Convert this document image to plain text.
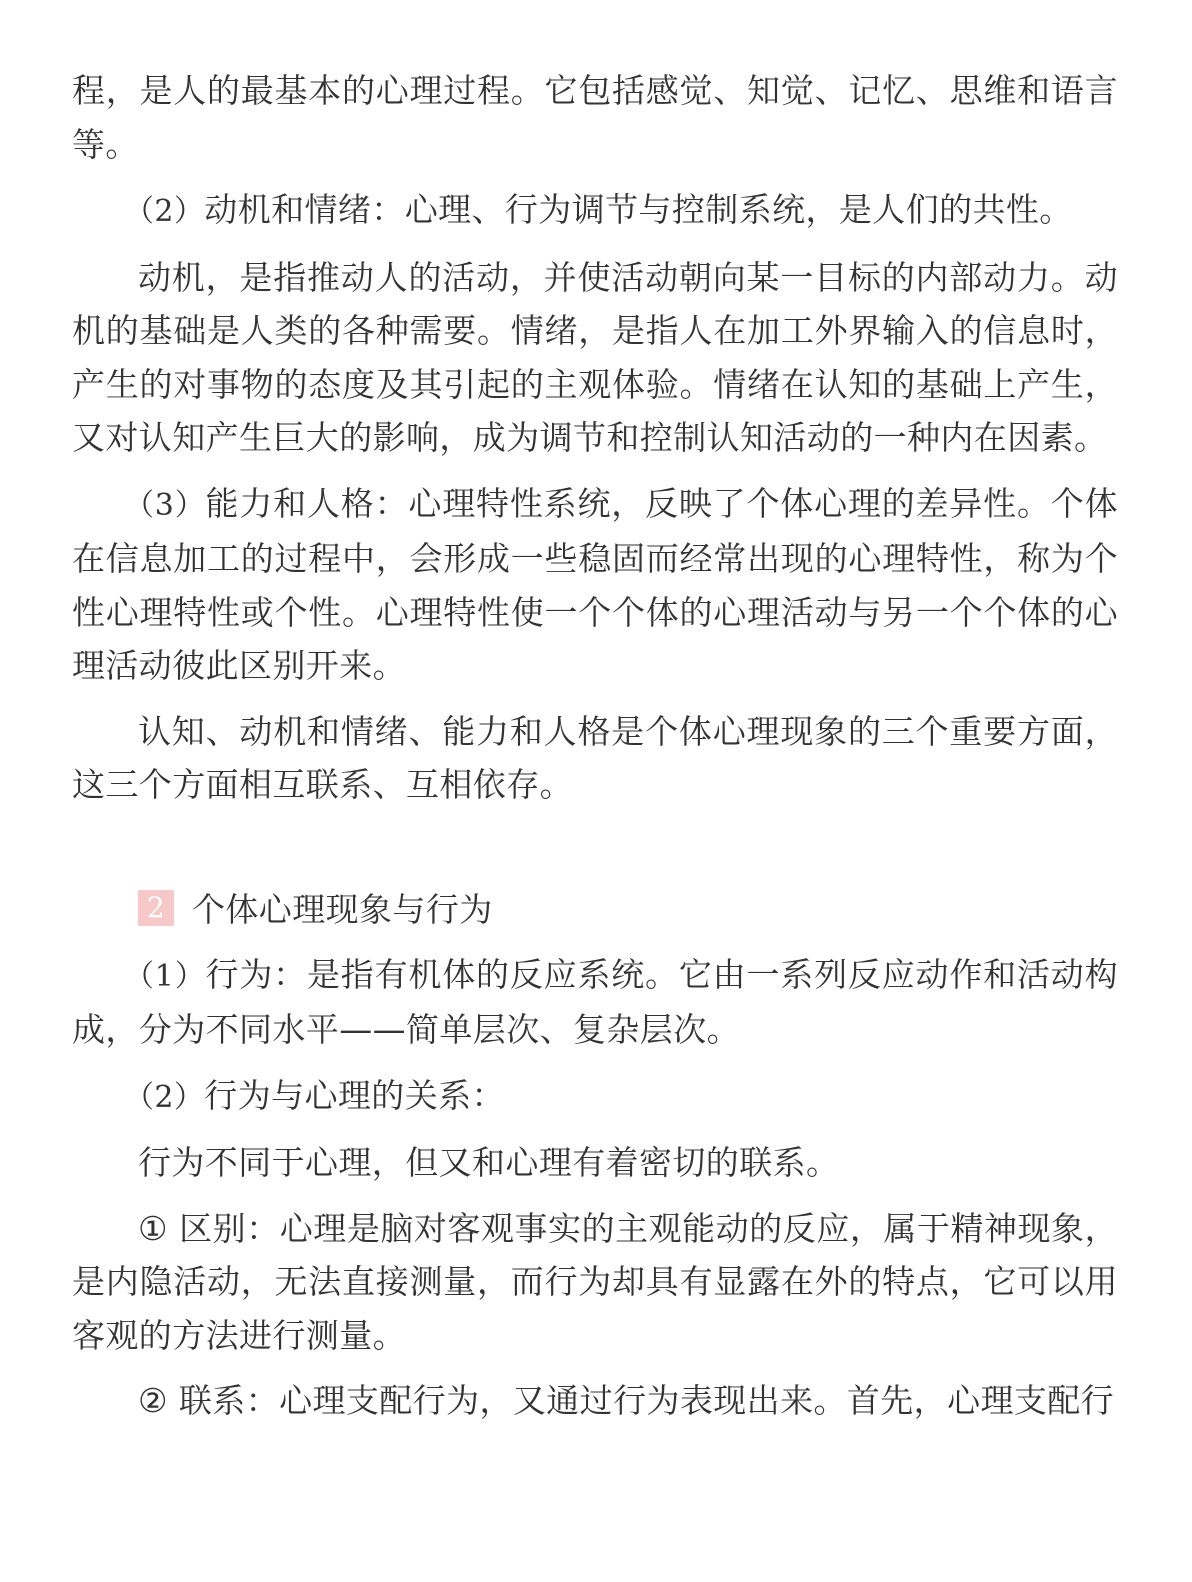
程，是人的最基本的心理过程。它包括感觉、知觉、记忆、思维和语言等。

（2）动机和情绪：心理、行为调节与控制系统，是人们的共性。

动机，是指推动人的活动，并使活动朝向某一目标的内部动力。动机的基础是人类的各种需要。情绪，是指人在加工外界输入的信息时，产生的对事物的态度及其引起的主观体验。情绪在认知的基础上产生，又对认知产生巨大的影响，成为调节和控制认知活动的一种内在因素。

（3）能力和人格：心理特性系统，反映了个体心理的差异性。个体在信息加工的过程中，会形成一些稳固而经常出现的心理特性，称为个性心理特性或个性。心理特性使一个个体的心理活动与另一个个体的心理活动彼此区别开来。

认知、动机和情绪、能力和人格是个体心理现象的三个重要方面，这三个方面相互联系、互相依存。

2 个体心理现象与行为

（1）行为：是指有机体的反应系统。它由一系列反应动作和活动构成，分为不同水平——简单层次、复杂层次。

（2）行为与心理的关系：

行为不同于心理，但又和心理有着密切的联系。

① 区别：心理是脑对客观事实的主观能动的反应，属于精神现象，是内隐活动，无法直接测量，而行为却具有显露在外的特点，它可以用客观的方法进行测量。

② 联系：心理支配行为，又通过行为表现出来。首先，心理支配行
